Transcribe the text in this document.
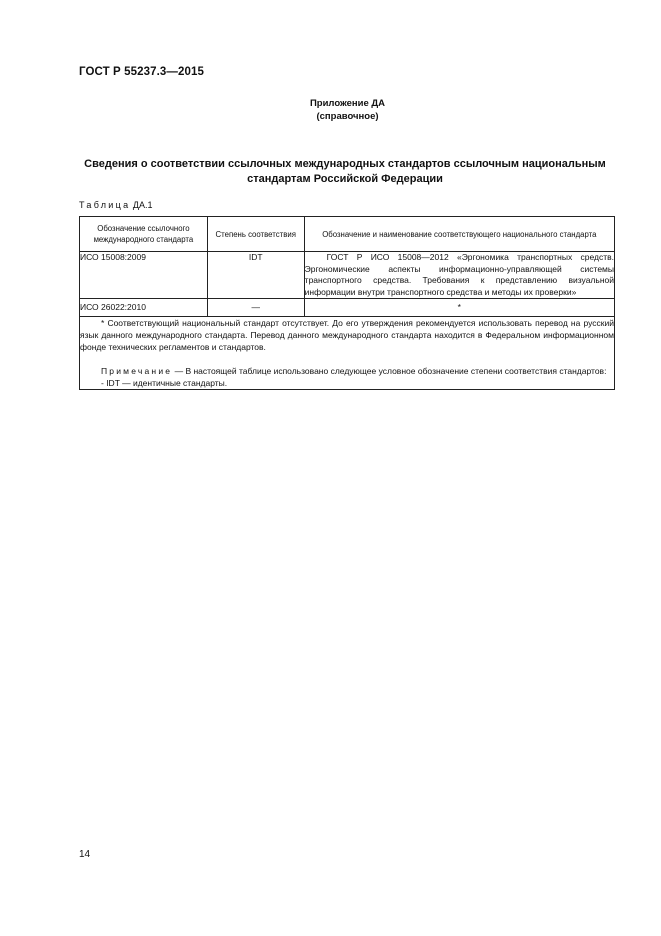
ГОСТ Р 55237.3—2015
Приложение ДА
(справочное)
Сведения о соответствии ссылочных международных стандартов ссылочным национальным
стандартам Российской Федерации
Таблица ДА.1
Обозначение ссылочного международного стандарта	Степень соответствия	Обозначение и наименование соответствующего национального стандарта
ИСО 15008:2009	IDT	ГОСТ Р ИСО 15008—2012 «Эргономика транспортных средств. Эргономические аспекты информационно-управляющей системы транспортного средства. Требования к представлению визуальной информации внутри транспортного средства и методы их проверки»
ИСО 26022:2010	—	*

* Соответствующий национальный стандарт отсутствует. До его утверждения рекомендуется использовать перевод на русский язык данного международного стандарта. Перевод данного международного стандарта находится в Федеральном информационном фонде технических регламентов и стандартов.

Примечание — В настоящей таблице использовано следующее условное обозначение степени соответствия стандартов:

- IDT — идентичные стандарты.		

14
